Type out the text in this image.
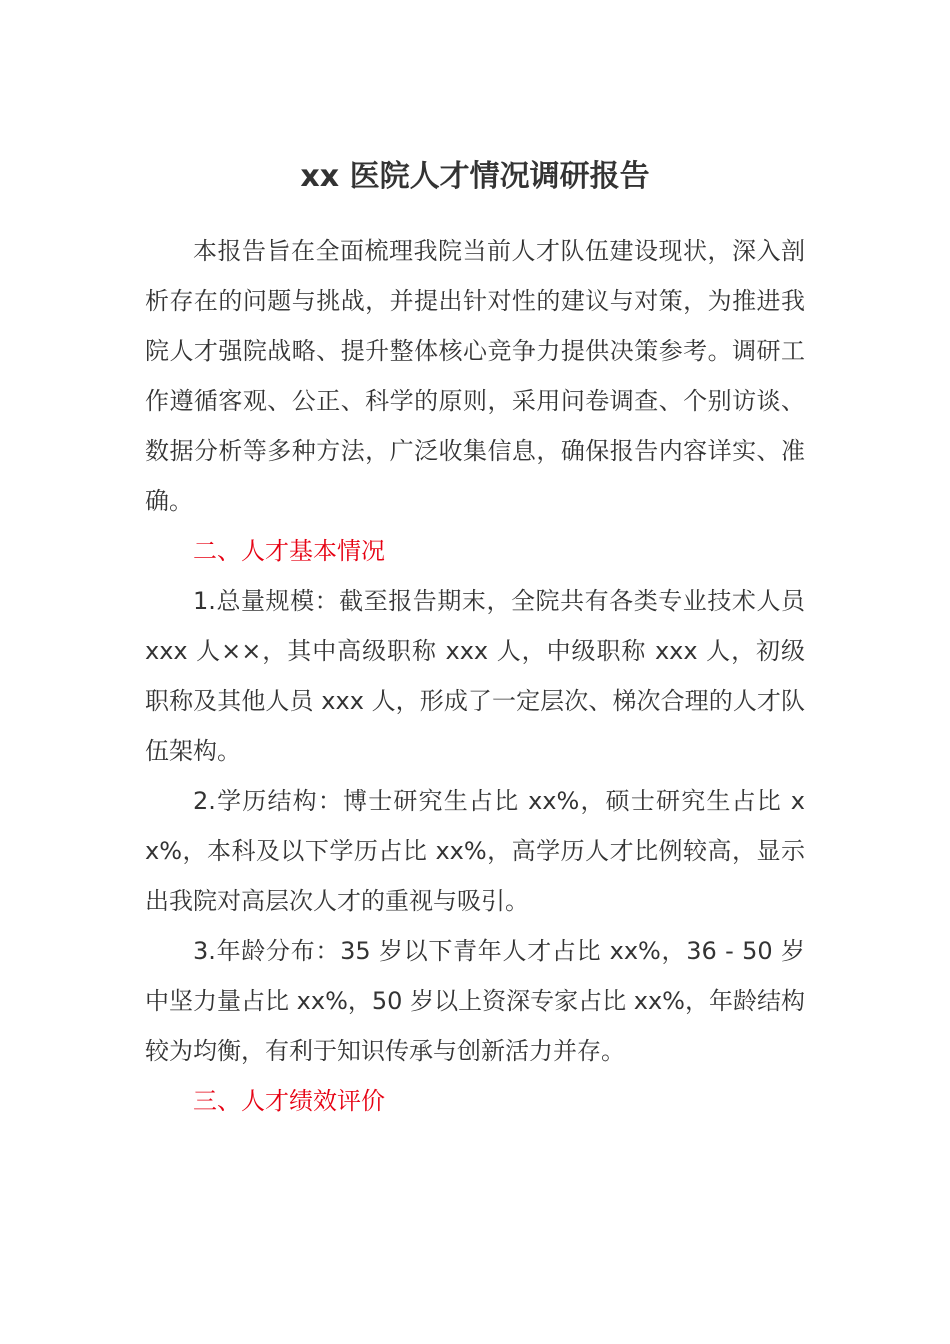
xx 医院人才情况调研报告

本报告旨在全面梳理我院当前人才队伍建设现状，深入剖析存在的问题与挑战，并提出针对性的建议与对策，为推进我院人才强院战略、提升整体核心竞争力提供决策参考。调研工作遵循客观、公正、科学的原则，采用问卷调查、个别访谈、数据分析等多种方法，广泛收集信息，确保报告内容详实、准确。

二、人才基本情况

1.总量规模：截至报告期末，全院共有各类专业技术人员 xxx 人××，其中高级职称 xxx 人，中级职称 xxx 人，初级职称及其他人员 xxx 人，形成了一定层次、梯次合理的人才队伍架构。

2.学历结构：博士研究生占比 xx%，硕士研究生占比 xx%，本科及以下学历占比 xx%，高学历人才比例较高，显示出我院对高层次人才的重视与吸引。

3.年龄分布：35 岁以下青年人才占比 xx%，36 - 50 岁中坚力量占比 xx%，50 岁以上资深专家占比 xx%，年龄结构较为均衡，有利于知识传承与创新活力并存。

三、人才绩效评价
